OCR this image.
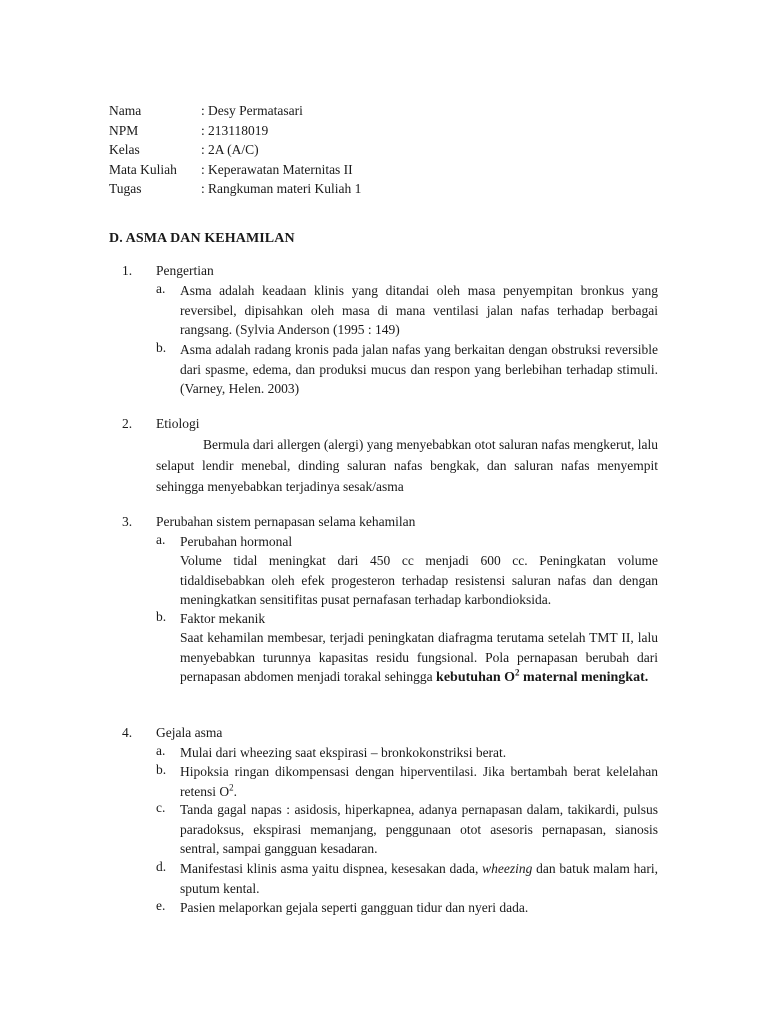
Nama	: Desy Permatasari
NPM	: 213118019
Kelas	: 2A (A/C)
Mata Kuliah	: Keperawatan Maternitas II
Tugas	: Rangkuman materi Kuliah 1
D. ASMA DAN KEHAMILAN
1. Pengertian
a. Asma adalah keadaan klinis yang ditandai oleh masa penyempitan bronkus yang reversibel, dipisahkan oleh masa di mana ventilasi jalan nafas terhadap berbagai rangsang. (Sylvia Anderson (1995 : 149)
b. Asma adalah radang kronis pada jalan nafas yang berkaitan dengan obstruksi reversible dari spasme, edema, dan produksi mucus dan respon yang berlebihan terhadap stimuli. (Varney, Helen. 2003)
2. Etiologi
Bermula dari allergen (alergi) yang menyebabkan otot saluran nafas mengkerut, lalu selaput lendir menebal, dinding saluran nafas bengkak, dan saluran nafas menyempit sehingga menyebabkan terjadinya sesak/asma
3. Perubahan sistem pernapasan selama kehamilan
a. Perubahan hormonal
Volume tidal meningkat dari 450 cc menjadi 600 cc. Peningkatan volume tidaldisebabkan oleh efek progesteron terhadap resistensi saluran nafas dan dengan meningkatkan sensitifitas pusat pernafasan terhadap karbondioksida.
b. Faktor mekanik
Saat kehamilan membesar, terjadi peningkatan diafragma terutama setelah TMT II, lalu menyebabkan turunnya kapasitas residu fungsional. Pola pernapasan berubah dari pernapasan abdomen menjadi torakal sehingga kebutuhan $O^2$ maternal meningkat.
4. Gejala asma
a. Mulai dari wheezing saat ekspirasi – bronkokonstriksi berat.
b. Hipoksia ringan dikompensasi dengan hiperventilasi. Jika bertambah berat kelelahan retensi $O^2$.
c. Tanda gagal napas : asidosis, hiperkapnea, adanya pernapasan dalam, takikardi, pulsus paradoksus, ekspirasi memanjang, penggunaan otot asesoris pernapasan, sianosis sentral, sampai gangguan kesadaran.
d. Manifestasi klinis asma yaitu dispnea, kesesakan dada, wheezing dan batuk malam hari, sputum kental.
e. Pasien melaporkan gejala seperti gangguan tidur dan nyeri dada.
